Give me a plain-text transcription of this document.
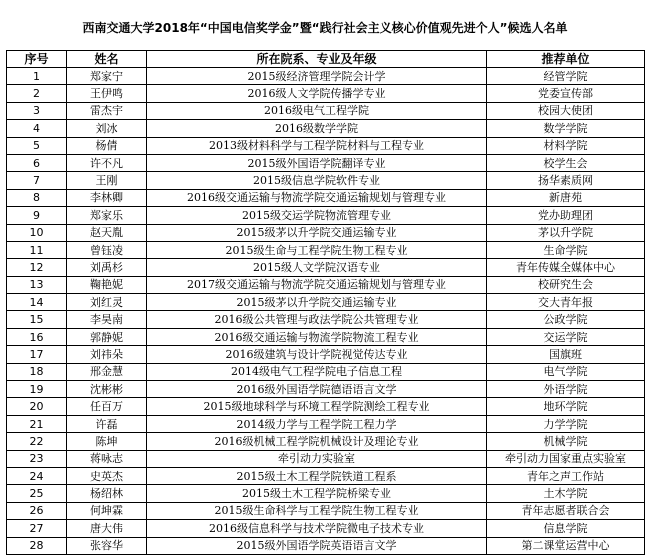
西南交通大学2018年“中国电信奖学金”暨“践行社会主义核心价值观先进个人”候选人名单
序号	姓名	所在院系、专业及年级	推荐单位
1	郑家宁	2015级经济管理学院会计学	经管学院
2	王伊鸣	2016级人文学院传播学专业	党委宣传部
3	雷杰宇	2016级电气工程学院	校园大使团
4	刘冰	2016级数学学院	数学学院
5	杨倩	2013级材料科学与工程学院材料与工程专业	材料学院
6	许不凡	2015级外国语学院翻译专业	校学生会
7	王刚	2015级信息学院软件专业	扬华素质网
8	李林卿	2016级交通运输与物流学院交通运输规划与管理专业	新唐苑
9	郑家乐	2015级交运学院物流管理专业	党办助理团
10	赵天胤	2015级茅以升学院交通运输专业	茅以升学院
11	曾钰凌	2015级生命与工程学院生物工程专业	生命学院
12	刘禹杉	2015级人文学院汉语专业	青年传媒全媒体中心
13	鞠艳妮	2017级交通运输与物流学院交通运输规划与管理专业	校研究生会
14	刘红灵	2015级茅以升学院交通运输专业	交大青年报
15	李昊南	2016级公共管理与政法学院公共管理专业	公政学院
16	郭静妮	2016级交通运输与物流学院物流工程专业	交运学院
17	刘祎朵	2016级建筑与设计学院视觉传达专业	国旗班
18	邢金慧	2014级电气工程学院电子信息工程	电气学院
19	沈彬彬	2016级外国语学院德语语言文学	外语学院
20	任百万	2015级地球科学与环境工程学院测绘工程专业	地环学院
21	许磊	2014级力学与工程学院工程力学	力学学院
22	陈坤	2016级机械工程学院机械设计及理论专业	机械学院
23	蒋咏志	牵引动力实验室	牵引动力国家重点实验室
24	史英杰	2015级土木工程学院铁道工程系	青年之声工作站
25	杨绍林	2015级土木工程学院桥梁专业	土木学院
26	何坤霖	2015级生命科学与工程学院生物工程专业	青年志愿者联合会
27	唐大伟	2016级信息科学与技术学院微电子技术专业	信息学院
28	张容华	2015级外国语学院英语语言文学	第二课堂运营中心
